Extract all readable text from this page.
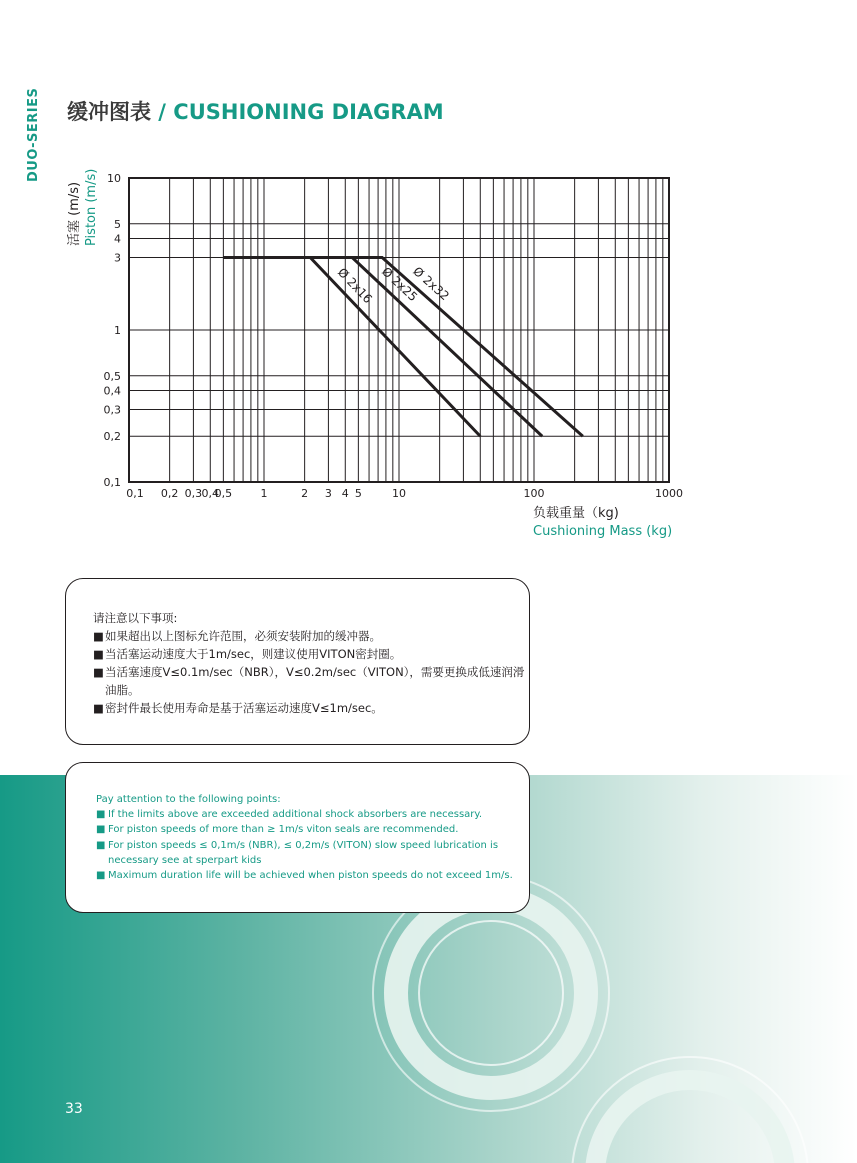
DUO-SERIES 缓冲图表 / CUSHIONING DIAGRAM
活塞 (m/s) Piston (m/s)
Ø 2x16 Ø 2x25
Ø 2x32
0,1
0,2
0,3
0,4
0,5
1
3
4
5
10
0,1 0,2 0,3 0,4
0,5	1	2 3 4 5	10	100	1000
负载重量（kg)
Cushioning Mass (kg)
请注意以下事项:
■ 如果超出以上图标允许范围，必须安装附加的缓冲器。
■ 当活塞运动速度大于1m/sec，则建议使用VITON密封圈。
■ 当活塞速度V≤0.1m/sec（NBR），V≤0.2m/sec（VITON），需要更换成低速润滑油脂。
■ 密封件最长使用寿命是基于活塞运动速度V≤1m/sec。
Pay attention to the following points:
■ If the limits above are exceeded additional shock absorbers are necessary.
■ For piston speeds of more than ≥ 1m/s viton seals are recommended.
■ For piston speeds ≤ 0,1m/s (NBR), ≤ 0,2m/s (VITON) slow speed lubrication is necessary see at sperpart kids
■ Maximum duration life will be achieved when piston speeds do not exceed 1m/s.
33
